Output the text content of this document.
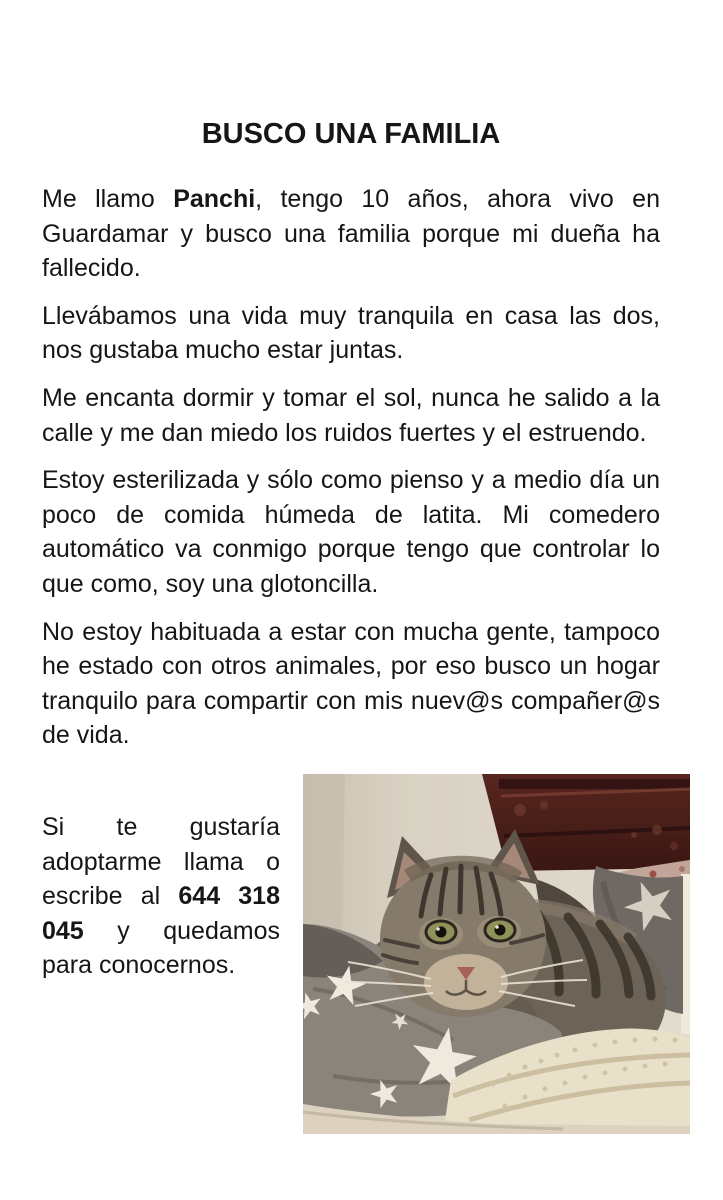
BUSCO UNA FAMILIA

Me llamo Panchi, tengo 10 años, ahora vivo en Guardamar y busco una familia porque mi dueña ha fallecido.

Llevábamos una vida muy tranquila en casa las dos, nos gustaba mucho estar juntas.

Me encanta dormir y tomar el sol, nunca he salido a la calle y me dan miedo los ruidos fuertes y el estruendo.

Estoy esterilizada y sólo como pienso y a medio día un poco de comida húmeda de latita. Mi comedero automático va conmigo porque tengo que controlar lo que como, soy una glotoncilla.

No estoy habituada a estar con mucha gente, tampoco he estado con otros animales, por eso busco un hogar tranquilo para compartir con mis nuev@s compañer@s de vida.

Si te gustaría adoptarme llama o escribe al 644 318 045 y quedamos para conocernos.
